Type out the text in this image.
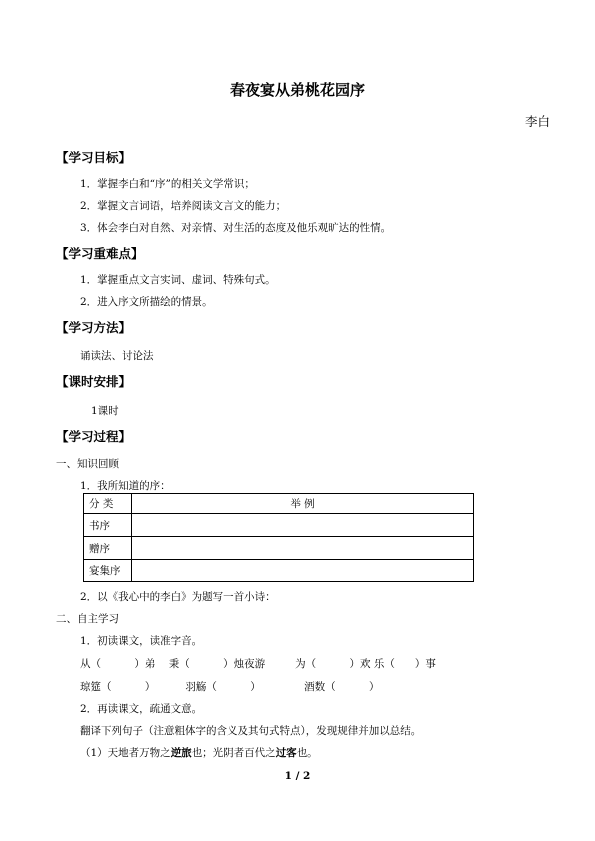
春夜宴从弟桃花园序
李白
【学习目标】
1．掌握李白和“序”的相关文学常识；
2．掌握文言词语，培养阅读文言文的能力；
3．体会李白对自然、对亲情、对生活的态度及他乐观旷达的性情。
【学习重难点】
1．掌握重点文言实词、虚词、特殊句式。
2．进入序文所描绘的情景。
【学习方法】
诵读法、讨论法
【课时安排】
1课时
【学习过程】
一、知识回顾
1．我所知道的序：
分 类	举 例
书序
赠序
宴集序
2．以《我心中的李白》为题写一首小诗：
二、自主学习
1．初读课文，读准字音。
从（          ）弟    秉（          ）烛夜游         为（          ）欢 乐（      ）事
琼筵（          ）         羽觞（          ）             酒数（          ）
2．再读课文，疏通文意。
翻译下列句子（注意粗体字的含义及其句式特点），发现规律并加以总结。
（1）天地者万物之逆旅也；光阴者百代之过客也。
1 / 2
